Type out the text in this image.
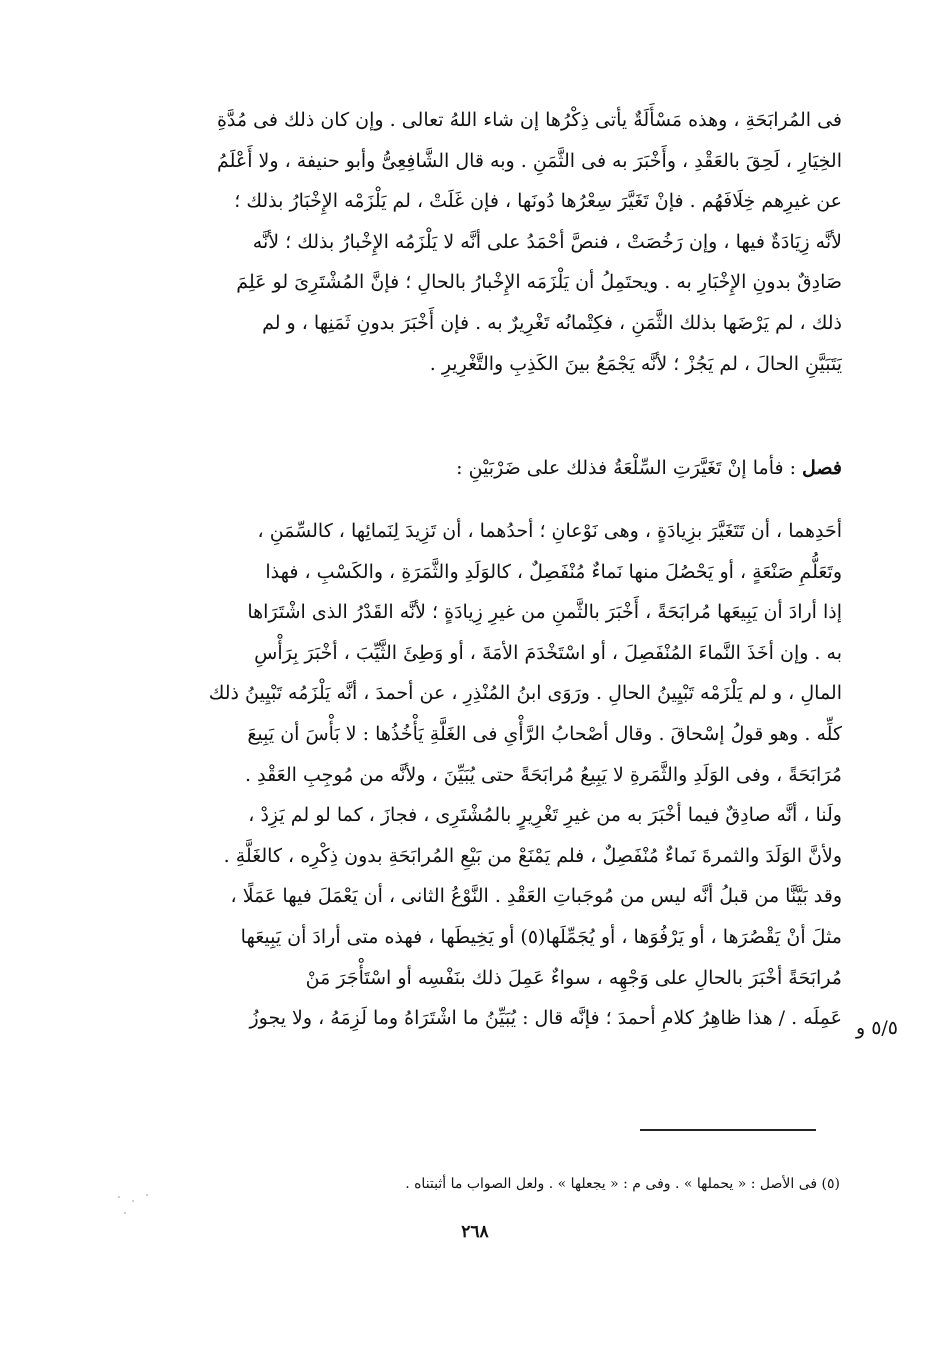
فى المُرابَحَةِ ، وهذه مَسْأَلَةٌ يأتى ذِكْرُها إن شاء اللهُ تعالى . وإن كان ذلك فى مُدَّةِ
الخِيَارِ ، لَحِقَ بالعَقْدِ ، وأَخْبَرَ به فى الثَّمَنِ . وبه قال الشَّافِعِىُّ وأبو حنيفة ، ولا أَعْلَمُ
عن غيرِهم خِلَافَهُم . فإنْ تَغَيَّرَ سِعْرُها دُونَها ، فإن غَلَتْ ، لم يَلْزَمْه الإِخْبَارُ بذلك ؛
لأنَّه زِيَادَةٌ فيها ، وإن رَخُصَتْ ، فنصَّ أحْمَدُ على أنَّه لا يَلْزَمُه الإِخْبارُ بذلك ؛ لأنَّه
صَادِقٌ بدونِ الإِخْبَارِ به . ويحتَمِلُ أن يَلْزَمَه الإِخْبارُ بالحالِ ؛ فإنَّ المُشْتَرِىَ لو عَلِمَ
ذلك ، لم يَرْضَها بذلك الثَّمَنِ ، فكِتْمانُه تَغْرِيرٌ به . فإن أَخْبَرَ بدونِ ثَمَنِها ، و لم
يَتَبَيَّنِ الحالَ ، لم يَجُزْ ؛ لأنَّه يَجْمَعُ بينَ الكَذِبِ والتَّغْرِيرِ .
فصل : فأما إنْ تَغَيَّرَتِ السِّلْعَةُ فذلك على ضَرْبَيْنِ :
أحَدِهما ، أن تَتَغَيَّرَ بزِيادَةٍ ، وهى نَوْعانِ ؛ أحدُهما ، أن تَزِيدَ لِنَمائِها ، كالسِّمَنِ ،
وتَعَلُّمِ صَنْعَةٍ ، أو يَحْصُلَ منها نَماءٌ مُنْفَصِلٌ ، كالوَلَدِ والثَّمَرَةِ ، والكَسْبِ ، فهذا
إذا أرادَ أن يَبِيعَها مُرابَحَةً ، أَخْبَرَ بالثَّمنِ من غيرِ زِيادَةٍ ؛ لأنَّه القَدْرُ الذى اشْتَرَاها
به . وإن أخَذَ النَّماءَ المُنْفَصِلَ ، أو اسْتَخْدَمَ الأمَةَ ، أو وَطِئَ الثَّيِّبَ ، أخْبَرَ بِرَأْسِ
المالِ ، و لم يَلْزَمْه تَبْيِينُ الحالِ . ورَوَى ابنُ المُنْذِرِ ، عن أحمدَ ، أنَّه يَلْزَمُه تَبْيِينُ ذلك
كلِّه . وهو قولُ إسْحاقَ . وقال أصْحابُ الرَّأْىِ فى الغَلَّةِ يَأْخُذُها : لا بَأْسَ أن يَبِيعَ
مُرَابَحَةً ، وفى الوَلَدِ والثَّمَرةِ لا يَبِيعُ مُرابَحَةً حتى يُبَيِّنَ ، ولأنَّه من مُوجِبِ العَقْدِ .
ولَنا ، أنَّه صادِقٌ فيما أخْبَرَ به من غيرِ تَغْرِيرٍ بالمُشْتَرِى ، فجازَ ، كما لو لم يَزِدْ ،
ولأنَّ الوَلَدَ والثمرةَ نَماءٌ مُنْفَصِلٌ ، فلم يَمْنَعْ من بَيْعِ المُرابَحَةِ بدون ذِكْرِه ، كالغَلَّةِ .
وقد بَيَّنَّا من قبلُ أنَّه ليس من مُوجَباتِ العَقْدِ . النَّوْعُ الثانى ، أن يَعْمَلَ فيها عَمَلًا ،
مثلَ أنْ يَقْصُرَها ، أو يَرْفُوَها ، أو يُجَمِّلَها(٥) أو يَخِيطَها ، فهذه متى أرادَ أن يَبِيعَها
مُرابَحَةً أخْبَرَ بالحالِ على وَجْهِه ، سواءٌ عَمِلَ ذلك بنَفْسِه أو اسْتَأْجَرَ مَنْ
عَمِلَه . / هذا ظاهِرُ كلامِ أحمدَ ؛ فإنَّه قال : يُبَيِّنُ ما اشْتَرَاهُ وما لَزِمَهُ ، ولا يجوزُ ٥/٥ و
(٥) فى الأصل : « يحملها » . وفى م : « يجعلها » . ولعل الصواب ما أثبتناه .
٢٦٨
